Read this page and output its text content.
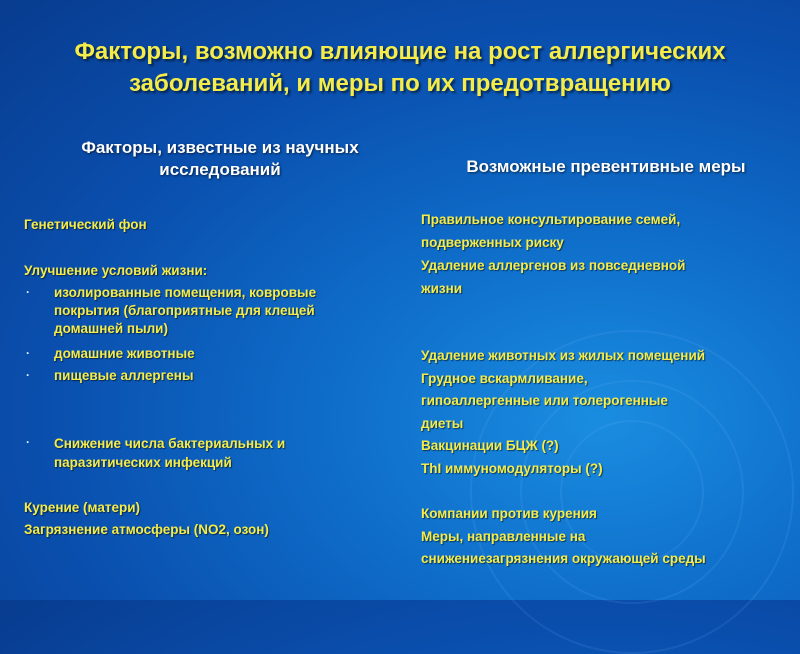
Факторы, возможно влияющие на рост аллергических
заболеваний, и меры по их предотвращению
Факторы, известные из научных
исследований
Генетический фон
Улучшение условий жизни:
· изолированные помещения, ковровые покрытия (благоприятные для клещей домашней пыли)
· домашние животные
· пищевые аллергены
· Снижение числа бактериальных и паразитических инфекций
Курение (матери)
Загрязнение атмосферы (NO2, озон)
Возможные превентивные меры
Правильное консультирование семей,
подверженных риску
Удаление аллергенов из повседневной
жизни
Удаление животных из жилых помещений
Грудное вскармливание,
гипоаллергенные или толерогенные
диеты
Вакцинации БЦЖ (?)
ThI иммуномодуляторы (?)
Компании против курения
Меры, направленные на
снижениезагрязнения окружающей среды
